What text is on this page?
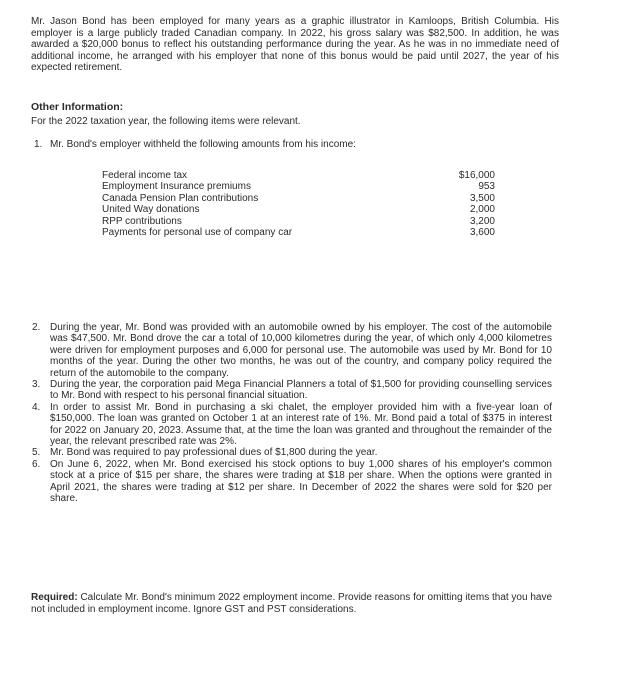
Mr. Jason Bond has been employed for many years as a graphic illustrator in Kamloops, British Columbia. His employer is a large publicly traded Canadian company. In 2022, his gross salary was $82,500. In addition, he was awarded a $20,000 bonus to reflect his outstanding performance during the year. As he was in no immediate need of additional income, he arranged with his employer that none of this bonus would be paid until 2027, the year of his expected retirement.

Other Information:

For the 2022 taxation year, the following items were relevant.

1. Mr. Bond's employer withheld the following amounts from his income:
Federal income tax	$16,000
Employment Insurance premiums	953
Canada Pension Plan contributions	3,500
United Way donations	2,000
RPP contributions	3,200
Payments for personal use of company car	3,600
2. During the year, Mr. Bond was provided with an automobile owned by his employer. The cost of the automobile was $47,500. Mr. Bond drove the car a total of 10,000 kilometres during the year, of which only 4,000 kilometres were driven for employment purposes and 6,000 for personal use. The automobile was used by Mr. Bond for 10 months of the year. During the other two months, he was out of the country, and company policy required the return of the automobile to the company.
3. During the year, the corporation paid Mega Financial Planners a total of $1,500 for providing counselling services to Mr. Bond with respect to his personal financial situation.
4. In order to assist Mr. Bond in purchasing a ski chalet, the employer provided him with a five-year loan of $150,000. The loan was granted on October 1 at an interest rate of 1%. Mr. Bond paid a total of $375 in interest for 2022 on January 20, 2023. Assume that, at the time the loan was granted and throughout the remainder of the year, the relevant prescribed rate was 2%.
5. Mr. Bond was required to pay professional dues of $1,800 during the year.
6. On June 6, 2022, when Mr. Bond exercised his stock options to buy 1,000 shares of his employer's common stock at a price of $15 per share, the shares were trading at $18 per share. When the options were granted in April 2021, the shares were trading at $12 per share. In December of 2022 the shares were sold for $20 per share.

Required: Calculate Mr. Bond's minimum 2022 employment income. Provide reasons for omitting items that you have not included in employment income. Ignore GST and PST considerations.
